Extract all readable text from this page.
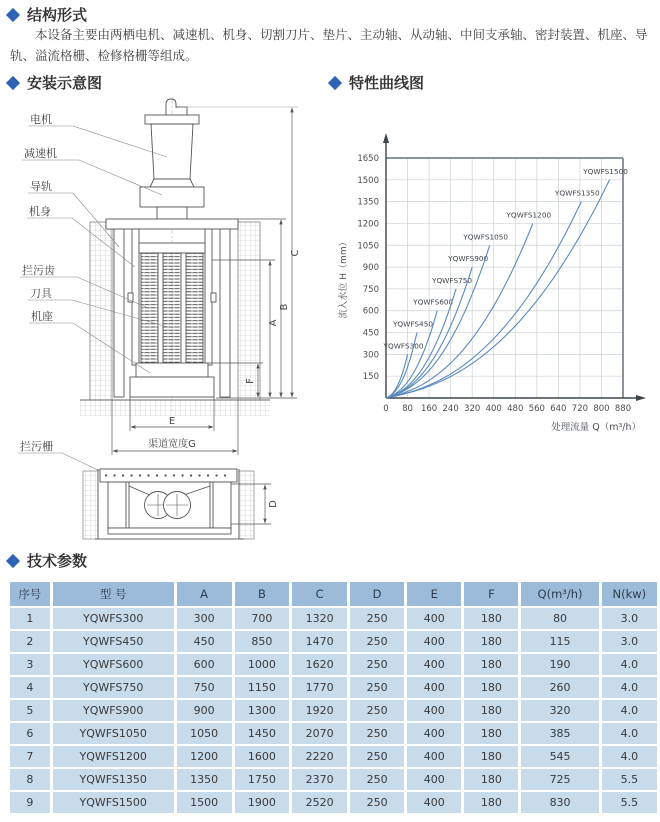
结构形式

本设备主要由两栖电机、减速机、机身、切割刀片、垫片、主动轴、从动轴、中间支承轴、密封装置、机座、导轨、溢流格栅、检修格栅等组成。

安装示意图	特性曲线图
C
B
A
F
E
渠道宽度G
电机
减速机
导轨
机身
拦污齿
刀具
机座
拦污栅
D
150
300
450
600
750
900
1050
1200
1350
1500
1650
0 80 160 240 320 400 480 560 640 720 800 880
流入水位 H（mm）
处理流量 Q（m³/h）
YQWFS300
YQWFS450
YQWFS600
YQWFS750
YQWFS900
YQWFS1050
YQWFS1200
YQWFS1350
YQWFS1500
技术参数
序号	型 号	A	B	C	D	E	F	Q(m³/h)	N(kw)
1	YQWFS300	300	700	1320	250	400	180	80	3.0
2	YQWFS450	450	850	1470	250	400	180	115	3.0
3	YQWFS600	600	1000	1620	250	400	180	190	4.0
4	YQWFS750	750	1150	1770	250	400	180	260	4.0
5	YQWFS900	900	1300	1920	250	400	180	320	4.0
6	YQWFS1050	1050	1450	2070	250	400	180	385	4.0
7	YQWFS1200	1200	1600	2220	250	400	180	545	4.0
8	YQWFS1350	1350	1750	2370	250	400	180	725	5.5
9	YQWFS1500	1500	1900	2520	250	400	180	830	5.5
